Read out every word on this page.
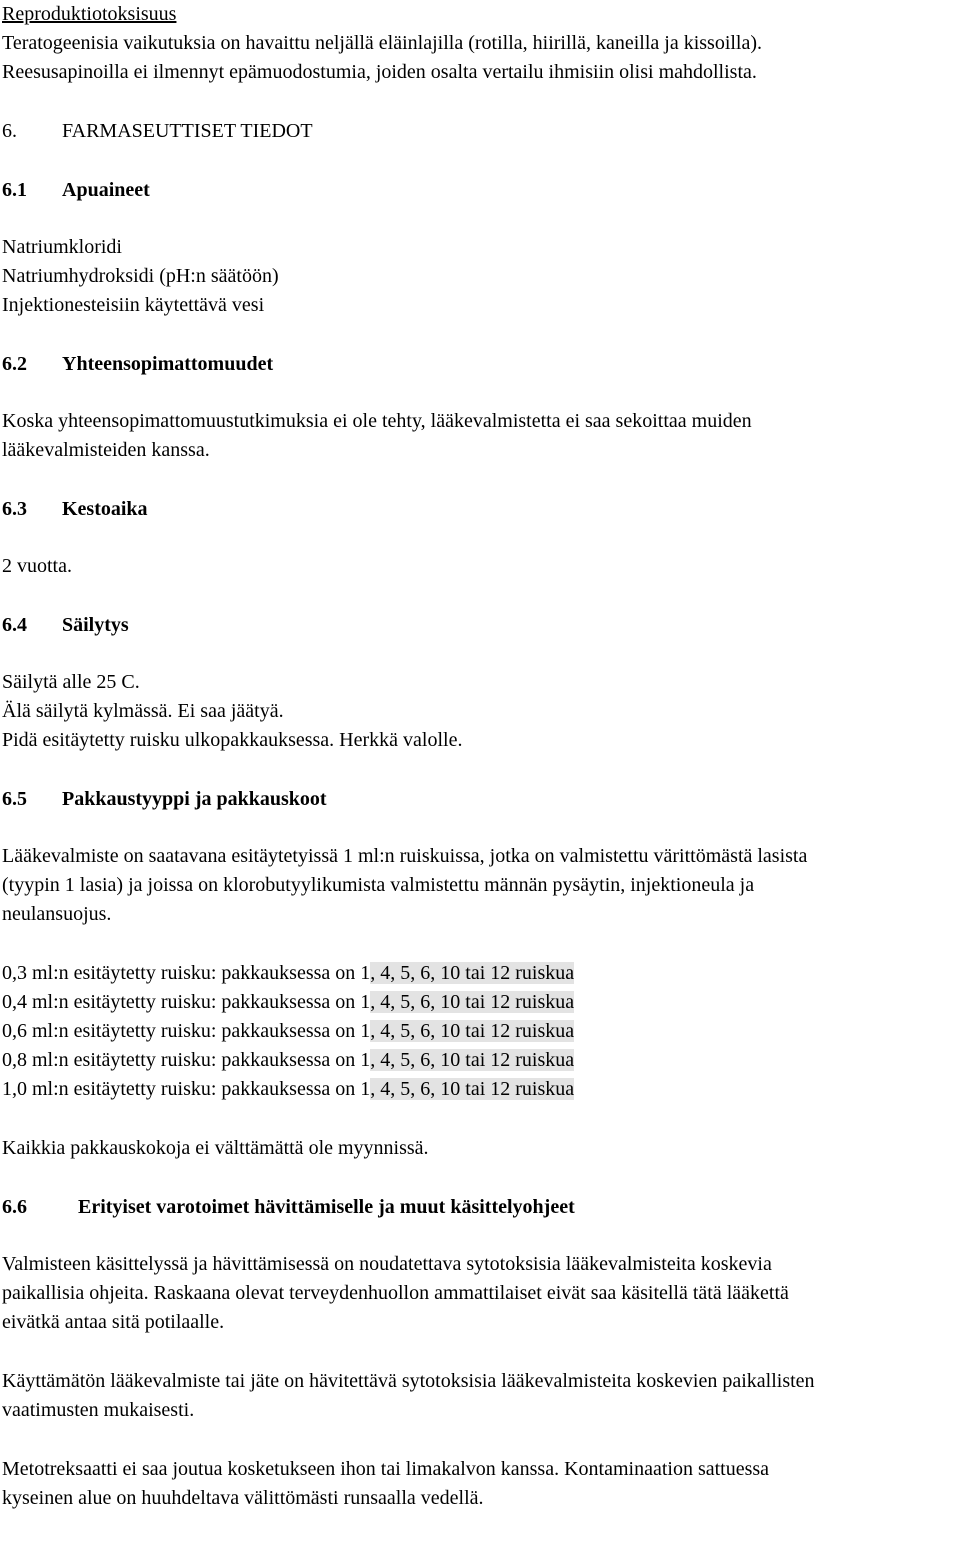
Reproduktiotoksisuus
Teratogeenisia vaikutuksia on havaittu neljällä eläinlajilla (rotilla, hiirillä, kaneilla ja kissoilla).
Reesusapinoilla ei ilmennyt epämuodostumia, joiden osalta vertailu ihmisiin olisi mahdollista.
6. FARMASEUTTISET TIEDOT
6.1 Apuaineet
Natriumkloridi
Natriumhydroksidi (pH:n säätöön)
Injektionesteisiin käytettävä vesi
6.2 Yhteensopimattomuudet
Koska yhteensopimattomuustutkimuksia ei ole tehty, lääkevalmistetta ei saa sekoittaa muiden
lääkevalmisteiden kanssa.
6.3 Kestoaika
2 vuotta.
6.4 Säilytys
Säilytä alle 25 C.
Älä säilytä kylmässä. Ei saa jäätyä.
Pidä esitäytetty ruisku ulkopakkauksessa. Herkkä valolle.
6.5 Pakkaustyyppi ja pakkauskoot
Lääkevalmiste on saatavana esitäytetyissä 1 ml:n ruiskuissa, jotka on valmistettu värittömästä lasista
(tyypin 1 lasia) ja joissa on klorobutyylikumista valmistettu männän pysäytin, injektioneula ja
neulansuojus.
0,3 ml:n esitäytetty ruisku: pakkauksessa on 1, 4, 5, 6, 10 tai 12 ruiskua
0,4 ml:n esitäytetty ruisku: pakkauksessa on 1, 4, 5, 6, 10 tai 12 ruiskua
0,6 ml:n esitäytetty ruisku: pakkauksessa on 1, 4, 5, 6, 10 tai 12 ruiskua
0,8 ml:n esitäytetty ruisku: pakkauksessa on 1, 4, 5, 6, 10 tai 12 ruiskua
1,0 ml:n esitäytetty ruisku: pakkauksessa on 1, 4, 5, 6, 10 tai 12 ruiskua
Kaikkia pakkauskokoja ei välttämättä ole myynnissä.
6.6	Erityiset varotoimet hävittämiselle ja muut käsittelyohjeet
Valmisteen käsittelyssä ja hävittämisessä on noudatettava sytotoksisia lääkevalmisteita koskevia
paikallisia ohjeita. Raskaana olevat terveydenhuollon ammattilaiset eivät saa käsitellä tätä lääkettä
eivätkä antaa sitä potilaalle.
Käyttämätön lääkevalmiste tai jäte on hävitettävä sytotoksisia lääkevalmisteita koskevien paikallisten
vaatimusten mukaisesti.
Metotreksaatti ei saa joutua kosketukseen ihon tai limakalvon kanssa. Kontaminaation sattuessa
kyseinen alue on huuhdeltava välittömästi runsaalla vedellä.
